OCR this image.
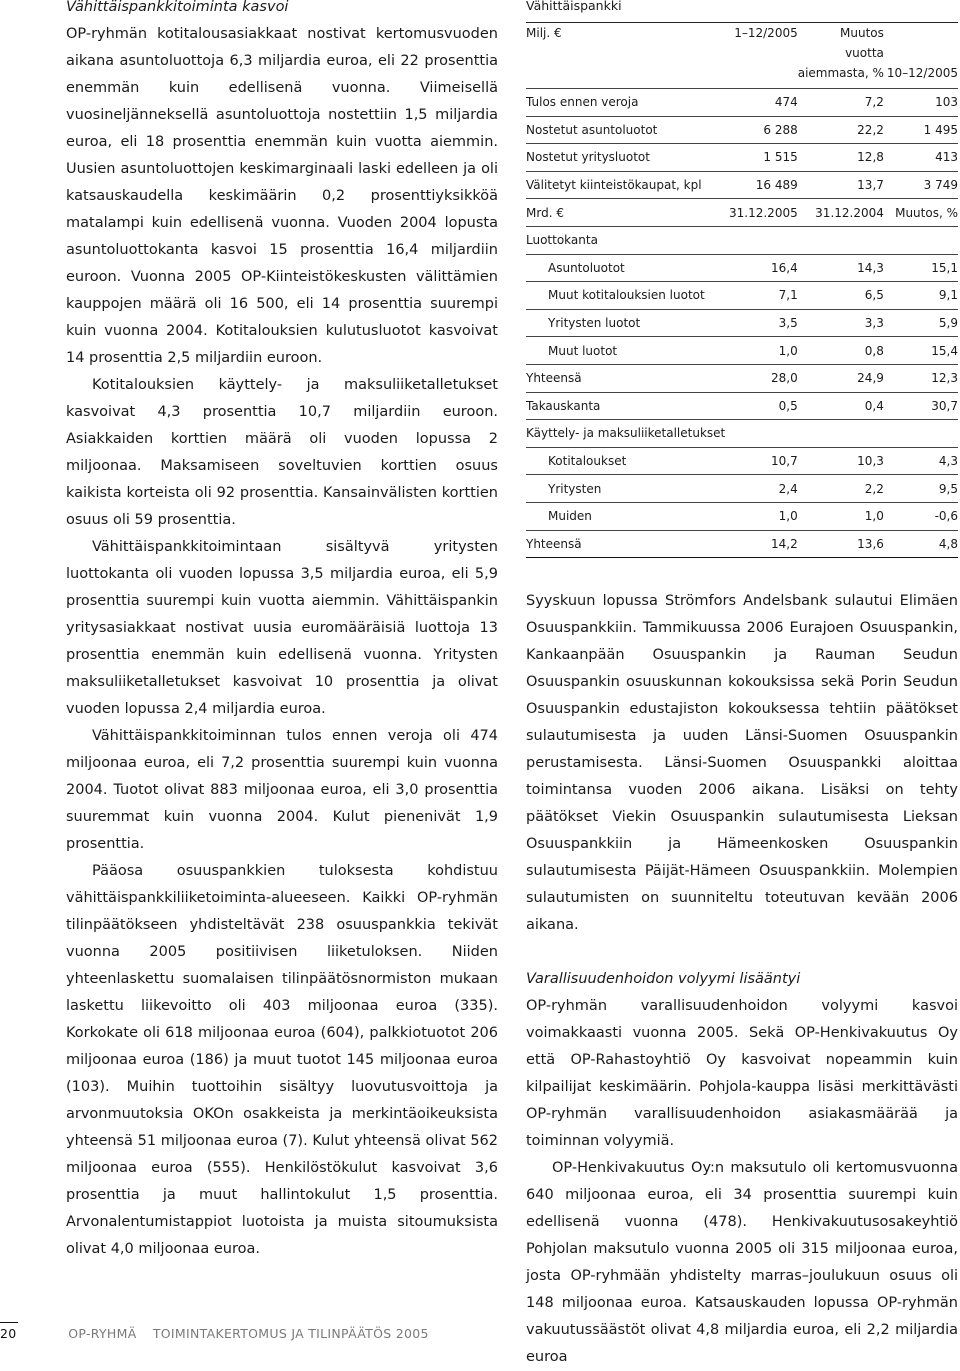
Vähittäispankkitoiminta kasvoi

OP-ryhmän kotitalousasiakkaat nostivat kertomusvuoden aikana asuntoluottoja 6,3 miljardia euroa, eli 22 prosenttia enemmän kuin edellisenä vuonna. Viimeisellä vuosineljänneksellä asuntoluottoja nostettiin 1,5 miljardia euroa, eli 18 prosenttia enemmän kuin vuotta aiemmin. Uusien asuntoluottojen keskimarginaali laski edelleen ja oli katsauskaudella keskimäärin 0,2 prosenttiyksikköä matalampi kuin edellisenä vuonna. Vuoden 2004 lopusta asuntoluottokanta kasvoi 15 prosenttia 16,4 miljardiin euroon. Vuonna 2005 OP-Kiinteistökeskusten välittämien kauppojen määrä oli 16 500, eli 14 prosenttia suurempi kuin vuonna 2004. Kotitalouksien kulutusluotot kasvoivat 14 prosenttia 2,5 miljardiin euroon.

Kotitalouksien käyttely- ja maksuliiketalletukset kasvoivat 4,3 prosenttia 10,7 miljardiin euroon. Asiakkaiden korttien määrä oli vuoden lopussa 2 miljoonaa. Maksamiseen soveltuvien korttien osuus kaikista korteista oli 92 prosenttia. Kansainvälisten korttien osuus oli 59 prosenttia.

Vähittäispankkitoimintaan sisältyvä yritysten luottokanta oli vuoden lopussa 3,5 miljardia euroa, eli 5,9 prosenttia suurempi kuin vuotta aiemmin. Vähittäispankin yritysasiakkaat nostivat uusia euromääräisiä luottoja 13 prosenttia enemmän kuin edellisenä vuonna. Yritysten maksuliiketalletukset kasvoivat 10 prosenttia ja olivat vuoden lopussa 2,4 miljardia euroa.

Vähittäispankkitoiminnan tulos ennen veroja oli 474 miljoonaa euroa, eli 7,2 prosenttia suurempi kuin vuonna 2004. Tuotot olivat 883 miljoonaa euroa, eli 3,0 prosenttia suuremmat kuin vuonna 2004. Kulut pienenivät 1,9 prosenttia.

Pääosa osuuspankkien tuloksesta kohdistuu vähittäispankkiliiketoiminta-alueeseen. Kaikki OP-ryhmän tilinpäätökseen yhdisteltävät 238 osuuspankkia tekivät vuonna 2005 positiivisen liiketuloksen. Niiden yhteenlaskettu suomalaisen tilinpäätösnormiston mukaan laskettu liikevoitto oli 403 miljoonaa euroa (335). Korkokate oli 618 miljoonaa euroa (604), palkkiotuotot 206 miljoonaa euroa (186) ja muut tuotot 145 miljoonaa euroa (103). Muihin tuottoihin sisältyy luovutusvoittoja ja arvonmuutoksia OKOn osakkeista ja merkintäoikeuksista yhteensä 51 miljoonaa euroa (7). Kulut yhteensä olivat 562 miljoonaa euroa (555). Henkilöstökulut kasvoivat 3,6 prosenttia ja muut hallintokulut 1,5 prosenttia. Arvonalentumistappiot luotoista ja muista sitoumuksista olivat 4,0 miljoonaa euroa.

Vähittäispankki

Milj. €	1–12/2005	Muutos	
		vuotta	
		aiemmasta, %	10–12/2005
Tulos ennen veroja	474	7,2	103
Nostetut asuntoluotot	6 288	22,2	1 495
Nostetut yritysluotot	1 515	12,8	413
Välitetyt kiinteistökaupat, kpl	16 489	13,7	3 749
Mrd. €	31.12.2005	31.12.2004	Muutos, %
Luottokanta			
Asuntoluotot	16,4	14,3	15,1
Muut kotitalouksien luotot	7,1	6,5	9,1
Yritysten luotot	3,5	3,3	5,9
Muut luotot	1,0	0,8	15,4
Yhteensä	28,0	24,9	12,3
Takauskanta	0,5	0,4	30,7
Käyttely- ja maksuliiketalletukset			
Kotitaloukset	10,7	10,3	4,3
Yritysten	2,4	2,2	9,5
Muiden	1,0	1,0	-0,6
Yhteensä	14,2	13,6	4,8

Syyskuun lopussa Strömfors Andelsbank sulautui Elimäen Osuuspankkiin. Tammikuussa 2006 Eurajoen Osuuspankin, Kankaanpään Osuuspankin ja Rauman Seudun Osuuspankin osuuskunnan kokouksissa sekä Porin Seudun Osuuspankin edustajiston kokouksessa tehtiin päätökset sulautumisesta ja uuden Länsi-Suomen Osuuspankin perustamisesta. Länsi-Suomen Osuuspankki aloittaa toimintansa vuoden 2006 aikana. Lisäksi on tehty päätökset Viekin Osuuspankin sulautumisesta Lieksan Osuuspankkiin ja Hämeenkosken Osuuspankin sulautumisesta Päijät-Hämeen Osuuspankkiin. Molempien sulautumisten on suunniteltu toteutuvan kevään 2006 aikana.

Varallisuudenhoidon volyymi lisääntyi

OP-ryhmän varallisuudenhoidon volyymi kasvoi voimakkaasti vuonna 2005. Sekä OP-Henkivakuutus Oy että OP-Rahastoyhtiö Oy kasvoivat nopeammin kuin kilpailijat keskimäärin. Pohjola-kauppa lisäsi merkittävästi OP-ryhmän varallisuudenhoidon asiakasmäärää ja toiminnan volyymiä.

OP-Henkivakuutus Oy:n maksutulo oli kertomusvuonna 640 miljoonaa euroa, eli 34 prosenttia suurempi kuin edellisenä vuonna (478). Henkivakuutusosakeyhtiö Pohjolan maksutulo vuonna 2005 oli 315 miljoonaa euroa, josta OP-ryhmään yhdistelty marras–joulukuun osuus oli 148 miljoonaa euroa. Katsauskauden lopussa OP-ryhmän vakuutussäästöt olivat 4,8 miljardia euroa, eli 2,2 miljardia euroa

20	OP-RYHMÄ TOIMINTAKERTOMUS JA TILINPÄÄTÖS 2005
